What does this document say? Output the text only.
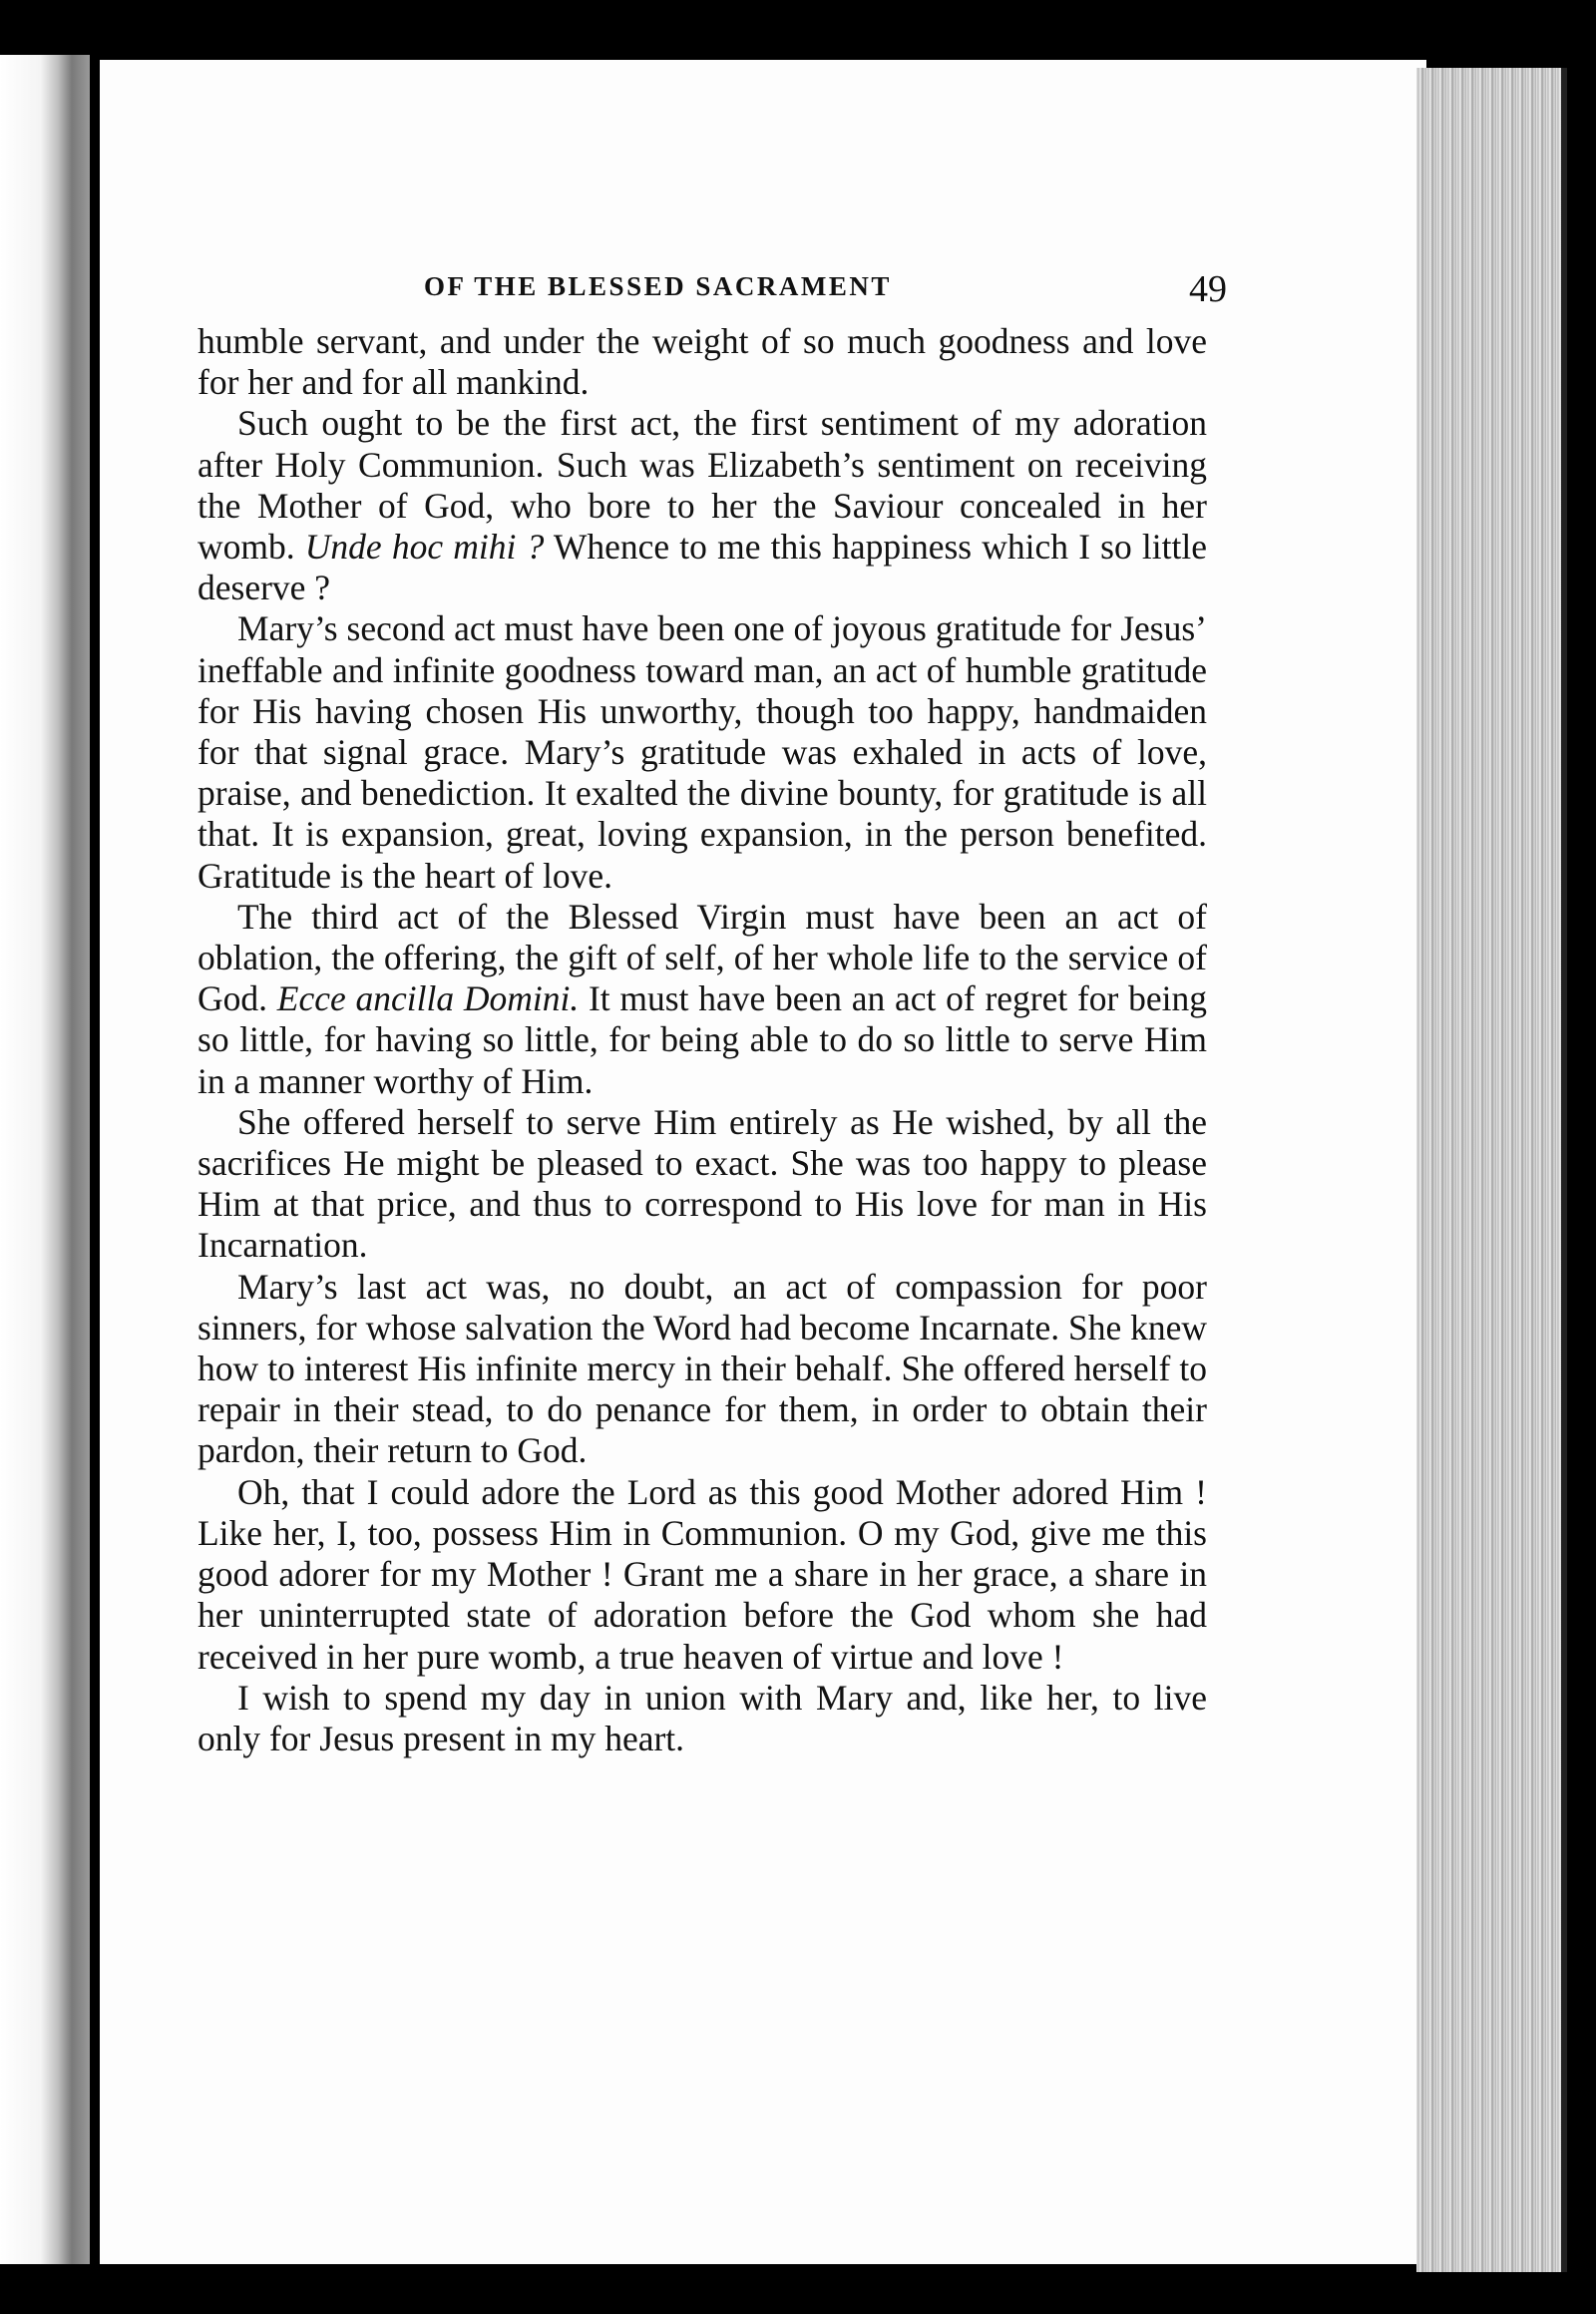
OF THE BLESSED SACRAMENT	49

humble servant, and under the weight of so much goodness and love for her and for all mankind.

Such ought to be the first act, the first sentiment of my adoration after Holy Communion. Such was Elizabeth’s sentiment on receiving the Mother of God, who bore to her the Saviour concealed in her womb. Unde hoc mihi ? Whence to me this happiness which I so little deserve ?

Mary’s second act must have been one of joyous gratitude for Jesus’ ineffable and infinite goodness toward man, an act of humble gratitude for His having chosen His unworthy, though too happy, handmaiden for that signal grace. Mary’s gratitude was exhaled in acts of love, praise, and benediction. It exalted the divine bounty, for gratitude is all that. It is expansion, great, loving expansion, in the person benefited. Gratitude is the heart of love.

The third act of the Blessed Virgin must have been an act of oblation, the offering, the gift of self, of her whole life to the service of God. Ecce ancilla Domini. It must have been an act of regret for being so little, for having so little, for being able to do so little to serve Him in a manner worthy of Him.

She offered herself to serve Him entirely as He wished, by all the sacrifices He might be pleased to exact. She was too happy to please Him at that price, and thus to correspond to His love for man in His Incarnation.

Mary’s last act was, no doubt, an act of compassion for poor sinners, for whose salvation the Word had become Incarnate. She knew how to interest His infinite mercy in their behalf. She offered herself to repair in their stead, to do penance for them, in order to obtain their pardon, their return to God.

Oh, that I could adore the Lord as this good Mother adored Him ! Like her, I, too, possess Him in Communion. O my God, give me this good adorer for my Mother ! Grant me a share in her grace, a share in her uninterrupted state of adoration before the God whom she had received in her pure womb, a true heaven of virtue and love !

I wish to spend my day in union with Mary and, like her, to live only for Jesus present in my heart.
